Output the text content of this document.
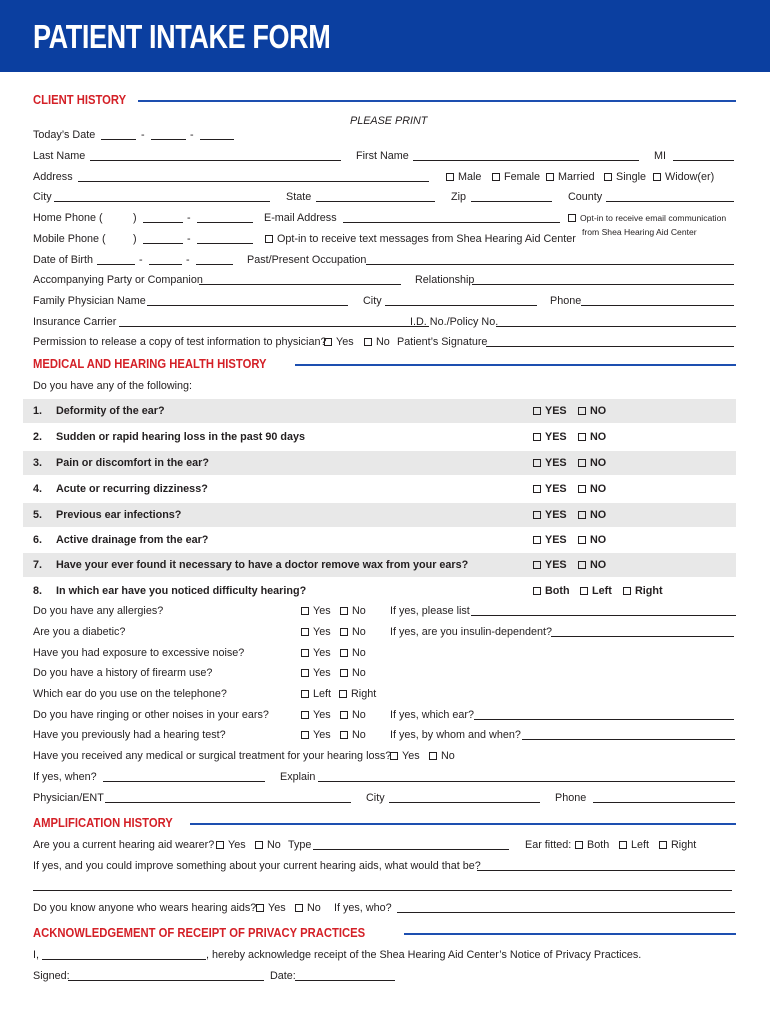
PATIENT INTAKE FORM
CLIENT HISTORY
PLEASE PRINT
Today’s Date	-	-
Last Name	First Name	MI
Address	Male	Female	Married	Single	Widow(er)
City	State	Zip	County
Home Phone (	)	-	E-mail Address	Opt-in to receive email communication
from Shea Hearing Aid Center
Mobile Phone (	)	-	Opt-in to receive text messages from Shea Hearing Aid Center
Date of Birth	-	-	Past/Present Occupation
Accompanying Party or Companion	Relationship
Family Physician Name	City	Phone
Insurance Carrier	I.D. No./Policy No.
Permission to release a copy of test information to physician? Yes	No Patient’s Signature
MEDICAL AND HEARING HEALTH HISTORY
Do you have any of the following:
1. Deformity of the ear?	YES	NO
2. Sudden or rapid hearing loss in the past 90 days	YES	NO
3. Pain or discomfort in the ear?	YES	NO
4. Acute or recurring dizziness?	YES	NO
5. Previous ear infections?	YES	NO
6. Active drainage from the ear?	YES	NO
7. Have your ever found it necessary to have a doctor remove wax from your ears?	YES	NO
8. In which ear have you noticed difficulty hearing?	Both	Left	Right
Do you have any allergies?	Yes	No If yes, please list
Are you a diabetic?	Yes	No If yes, are you insulin-dependent?
Have you had exposure to excessive noise?	Yes	No
Do you have a history of firearm use?	Yes	No
Which ear do you use on the telephone?	Left	Right
Do you have ringing or other noises in your ears?	Yes	No If yes, which ear?
Have you previously had a hearing test?	Yes	No If yes, by whom and when?
Have you received any medical or surgical treatment for your hearing loss? Yes	No
If yes, when?	Explain
Physician/ENT	City	Phone
AMPLIFICATION HISTORY
Are you a current hearing aid wearer?	Yes	No Type	Ear fitted:	Both	Left	Right
If yes, and you could improve something about your current hearing aids, what would that be?
Do you know anyone who wears hearing aids?	Yes	No If yes, who?
ACKNOWLEDGEMENT OF RECEIPT OF PRIVACY PRACTICES
I,	, hereby acknowledge receipt of the Shea Hearing Aid Center’s Notice of Privacy Practices.
Signed:	Date:
